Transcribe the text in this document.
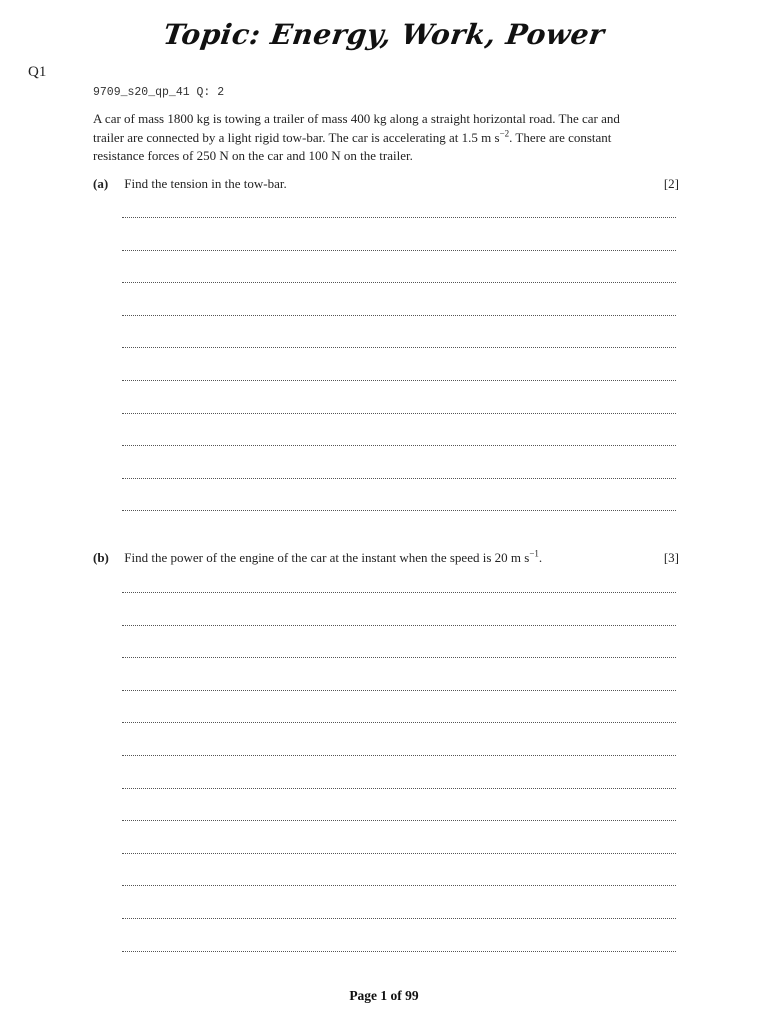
Topic: Energy, Work, Power
Q1
9709_s20_qp_41 Q: 2
A car of mass 1800 kg is towing a trailer of mass 400 kg along a straight horizontal road. The car and
trailer are connected by a light rigid tow-bar. The car is accelerating at 1.5 m $s^{-2}$. There are constant
resistance forces of 250 N on the car and 100 N on the trailer.
(a) Find the tension in the tow-bar.	[2]
(b) Find the power of the engine of the car at the instant when the speed is 20 m $s^{-1}$.	[3]
Page 1 of 99
